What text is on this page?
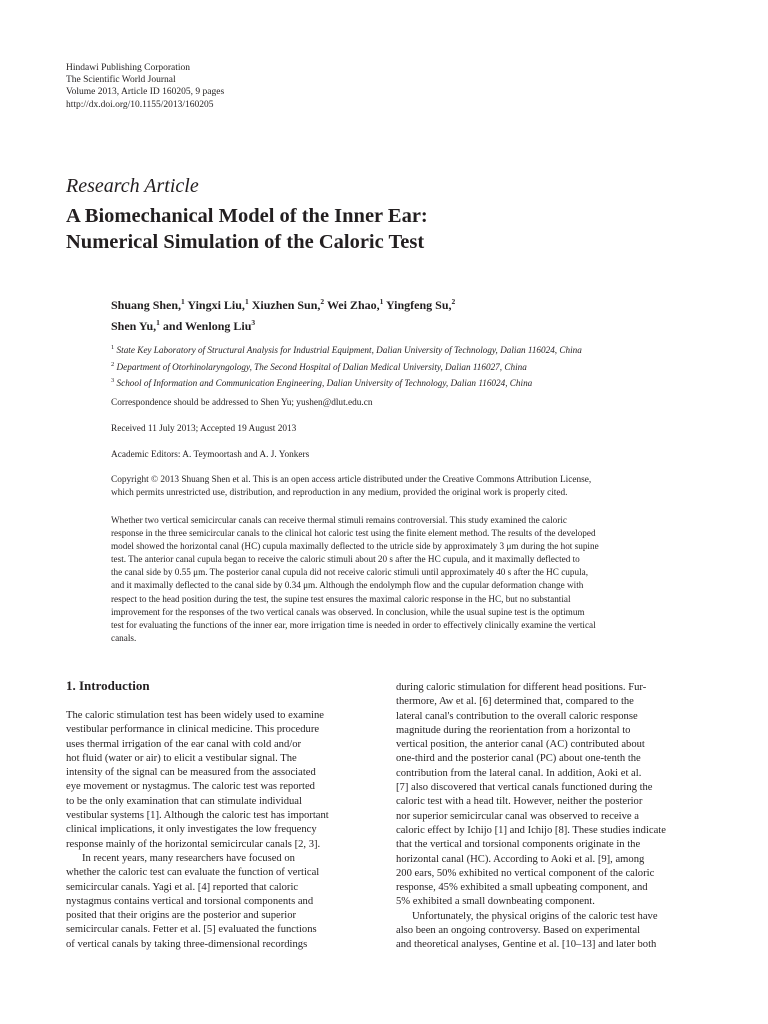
Hindawi Publishing Corporation
The Scientific World Journal
Volume 2013, Article ID 160205, 9 pages
http://dx.doi.org/10.1155/2013/160205
Research Article
A Biomechanical Model of the Inner Ear:
Numerical Simulation of the Caloric Test
Shuang Shen,$^1$ Yingxi Liu,$^1$ Xiuzhen Sun,$^2$ Wei Zhao,$^1$ Yingfeng Su,$^2$
Shen Yu,$^1$ and Wenlong Liu$^3$
$^1$ State Key Laboratory of Structural Analysis for Industrial Equipment, Dalian University of Technology, Dalian 116024, China
$^2$ Department of Otorhinolaryngology, The Second Hospital of Dalian Medical University, Dalian 116027, China
$^3$ School of Information and Communication Engineering, Dalian University of Technology, Dalian 116024, China
Correspondence should be addressed to Shen Yu; yushen@dlut.edu.cn
Received 11 July 2013; Accepted 19 August 2013
Academic Editors: A. Teymoortash and A. J. Yonkers
Copyright © 2013 Shuang Shen et al. This is an open access article distributed under the Creative Commons Attribution License,
which permits unrestricted use, distribution, and reproduction in any medium, provided the original work is properly cited.
Whether two vertical semicircular canals can receive thermal stimuli remains controversial. This study examined the caloric
response in the three semicircular canals to the clinical hot caloric test using the finite element method. The results of the developed
model showed the horizontal canal (HC) cupula maximally deflected to the utricle side by approximately 3 μm during the hot supine
test. The anterior canal cupula began to receive the caloric stimuli about 20 s after the HC cupula, and it maximally deflected to
the canal side by 0.55 μm. The posterior canal cupula did not receive caloric stimuli until approximately 40 s after the HC cupula,
and it maximally deflected to the canal side by 0.34 μm. Although the endolymph flow and the cupular deformation change with
respect to the head position during the test, the supine test ensures the maximal caloric response in the HC, but no substantial
improvement for the responses of the two vertical canals was observed. In conclusion, while the usual supine test is the optimum
test for evaluating the functions of the inner ear, more irrigation time is needed in order to effectively clinically examine the vertical
canals.
1. Introduction
The caloric stimulation test has been widely used to examine
vestibular performance in clinical medicine. This procedure
uses thermal irrigation of the ear canal with cold and/or
hot fluid (water or air) to elicit a vestibular signal. The
intensity of the signal can be measured from the associated
eye movement or nystagmus. The caloric test was reported
to be the only examination that can stimulate individual
vestibular systems [1]. Although the caloric test has important
clinical implications, it only investigates the low frequency
response mainly of the horizontal semicircular canals [2, 3].
In recent years, many researchers have focused on
whether the caloric test can evaluate the function of vertical
semicircular canals. Yagi et al. [4] reported that caloric
nystagmus contains vertical and torsional components and
posited that their origins are the posterior and superior
semicircular canals. Fetter et al. [5] evaluated the functions
of vertical canals by taking three-dimensional recordings
during caloric stimulation for different head positions. Fur-
thermore, Aw et al. [6] determined that, compared to the
lateral canal's contribution to the overall caloric response
magnitude during the reorientation from a horizontal to
vertical position, the anterior canal (AC) contributed about
one-third and the posterior canal (PC) about one-tenth the
contribution from the lateral canal. In addition, Aoki et al.
[7] also discovered that vertical canals functioned during the
caloric test with a head tilt. However, neither the posterior
nor superior semicircular canal was observed to receive a
caloric effect by Ichijo [1] and Ichijo [8]. These studies indicate
that the vertical and torsional components originate in the
horizontal canal (HC). According to Aoki et al. [9], among
200 ears, 50% exhibited no vertical component of the caloric
response, 45% exhibited a small upbeating component, and
5% exhibited a small downbeating component.
Unfortunately, the physical origins of the caloric test have
also been an ongoing controversy. Based on experimental
and theoretical analyses, Gentine et al. [10–13] and later both
